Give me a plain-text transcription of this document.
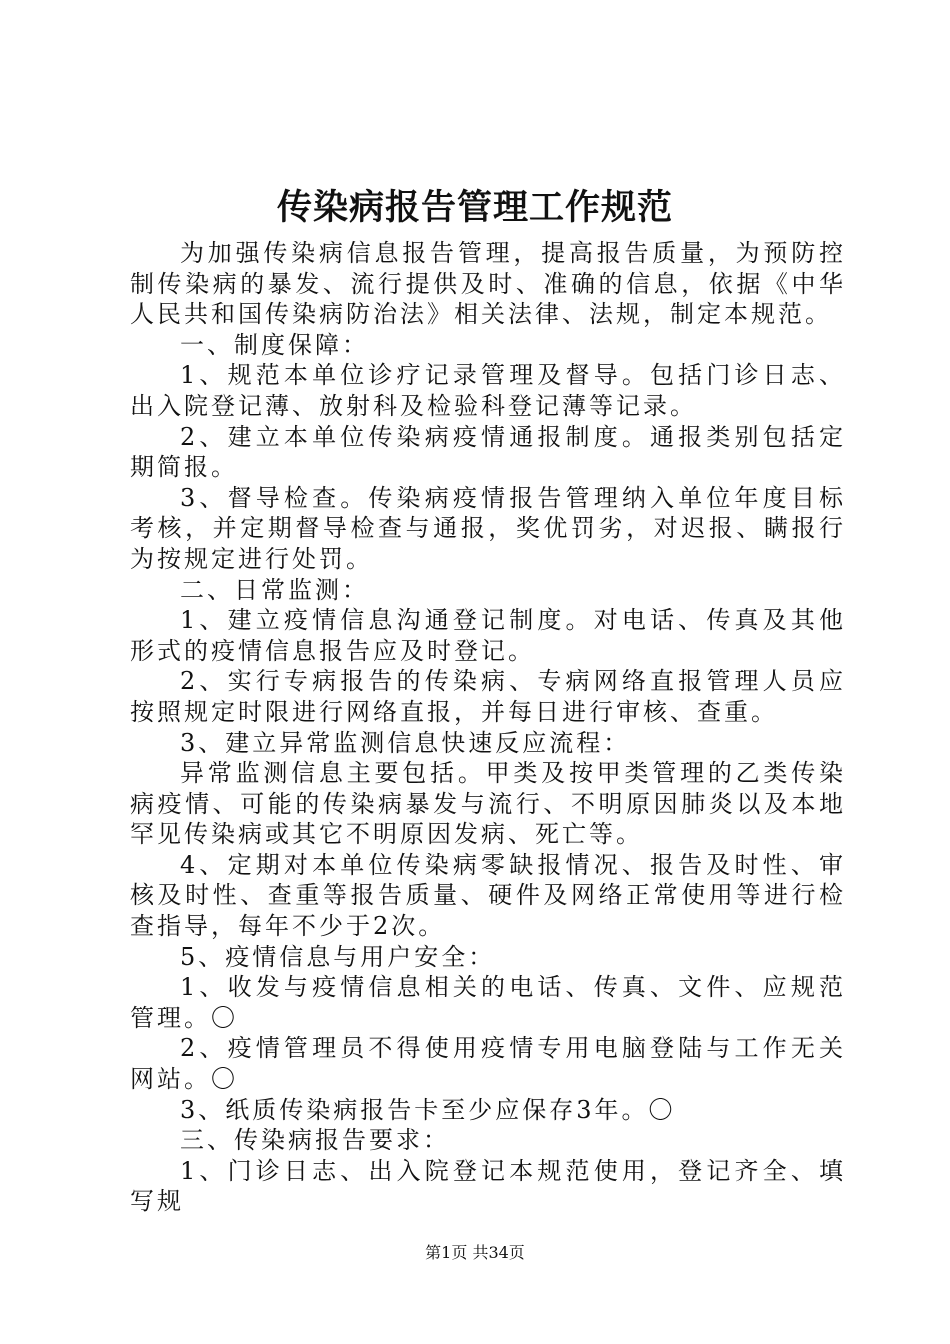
传染病报告管理工作规范

为加强传染病信息报告管理，提高报告质量，为预防控制传染病的暴发、流行提供及时、准确的信息，依据《中华人民共和国传染病防治法》相关法律、法规，制定本规范。

一、制度保障：

1、规范本单位诊疗记录管理及督导。包括门诊日志、出入院登记薄、放射科及检验科登记薄等记录。

2、建立本单位传染病疫情通报制度。通报类别包括定期简报。

3、督导检查。传染病疫情报告管理纳入单位年度目标考核，并定期督导检查与通报，奖优罚劣，对迟报、瞒报行为按规定进行处罚。

二、日常监测：

1、建立疫情信息沟通登记制度。对电话、传真及其他形式的疫情信息报告应及时登记。

2、实行专病报告的传染病、专病网络直报管理人员应按照规定时限进行网络直报，并每日进行审核、查重。

3、建立异常监测信息快速反应流程：

异常监测信息主要包括。甲类及按甲类管理的乙类传染病疫情、可能的传染病暴发与流行、不明原因肺炎以及本地罕见传染病或其它不明原因发病、死亡等。

4、定期对本单位传染病零缺报情况、报告及时性、审核及时性、查重等报告质量、硬件及网络正常使用等进行检查指导，每年不少于2次。

5、疫情信息与用户安全：

1、收发与疫情信息相关的电话、传真、文件、应规范管理。〇

2、疫情管理员不得使用疫情专用电脑登陆与工作无关网站。〇

3、纸质传染病报告卡至少应保存3年。〇

三、传染病报告要求：

1、门诊日志、出入院登记本规范使用，登记齐全、填写规

第1页 共34页
